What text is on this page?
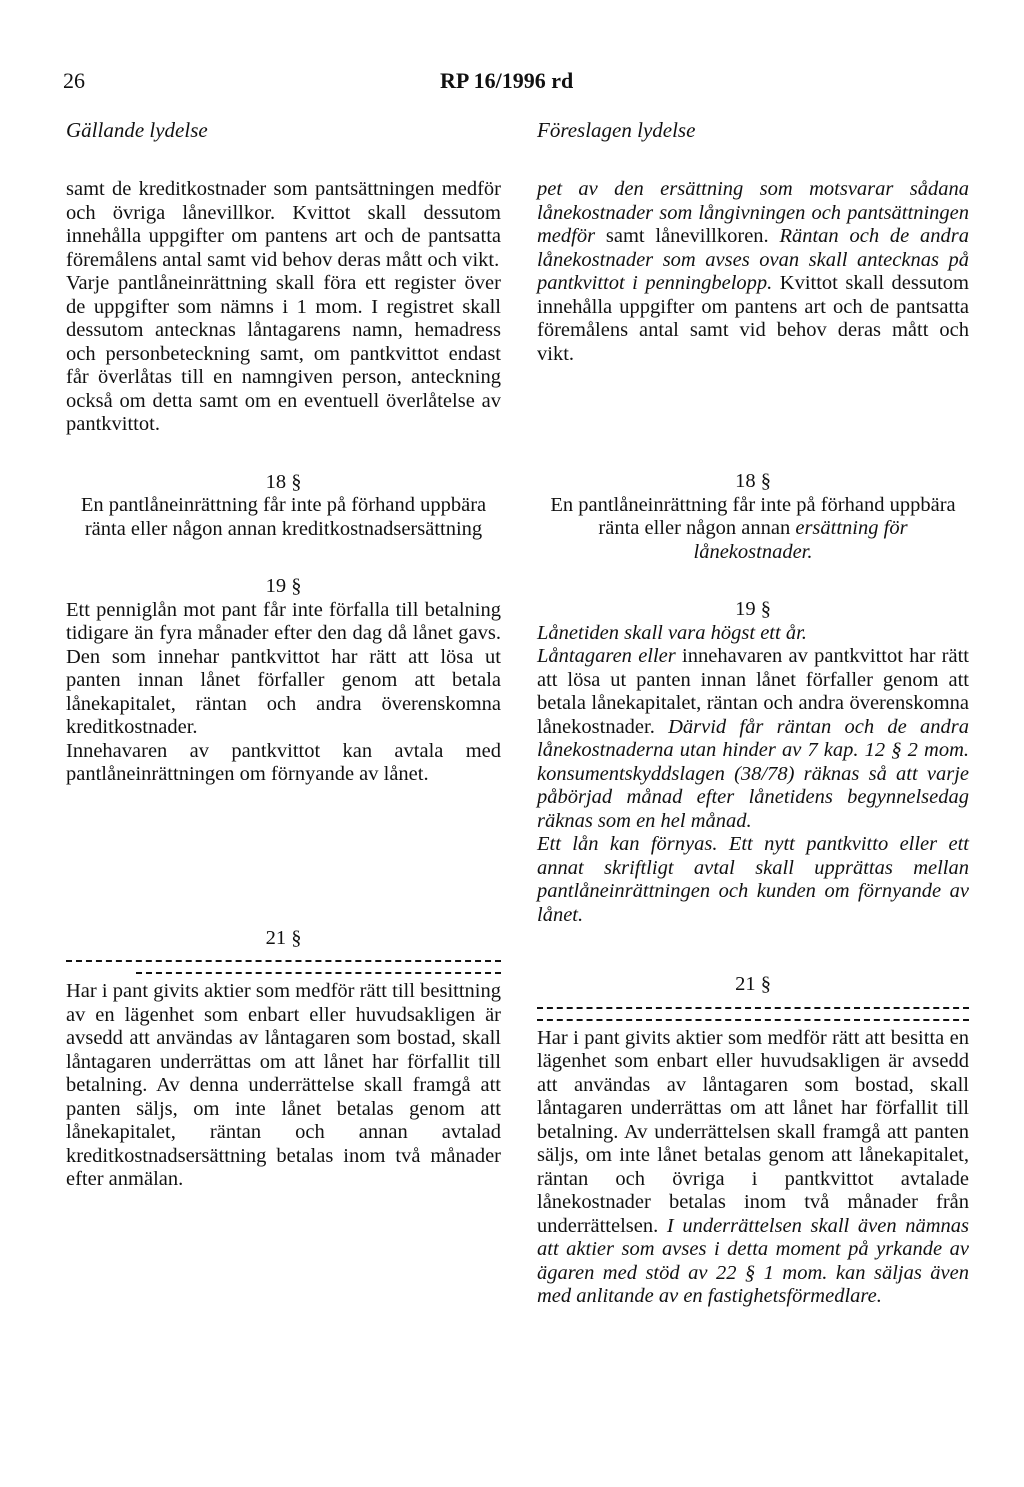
26	RP 16/1996 rd
Gällande lydelse

samt de kreditkostnader som pantsättningen medför och övriga lånevillkor. Kvittot skall dessutom innehålla uppgifter om pantens art och de pantsatta föremålens antal samt vid behov deras mått och vikt.

Varje pantlåneinrättning skall föra ett register över de uppgifter som nämns i 1 mom. I registret skall dessutom antecknas låntagarens namn, hemadress och personbeteckning samt, om pantkvittot endast får överlåtas till en namngiven person, anteckning också om detta samt om en eventuell överlåtelse av pantkvittot.

18 §

En pantlåneinrättning får inte på förhand uppbära ränta eller någon annan kreditkostnadsersättning

19 §

Ett penniglån mot pant får inte förfalla till betalning tidigare än fyra månader efter den dag då lånet gavs. Den som innehar pantkvittot har rätt att lösa ut panten innan lånet förfaller genom att betala lånekapitalet, räntan och andra överenskomna kreditkostnader.

Innehavaren av pantkvittot kan avtala med pantlåneinrättningen om förnyande av lånet.

21 §

Har i pant givits aktier som medför rätt till besittning av en lägenhet som enbart eller huvudsakligen är avsedd att användas av låntagaren som bostad, skall låntagaren underrättas om att lånet har förfallit till betalning. Av denna underrättelse skall framgå att panten säljs, om inte lånet betalas genom att lånekapitalet, räntan och annan avtalad kreditkostnadsersättning betalas inom två månader efter anmälan.

Föreslagen lydelse

pet av den ersättning som motsvarar sådana lånekostnader som långivningen och pantsättningen medför samt lånevillkoren. Räntan och de andra lånekostnader som avses ovan skall antecknas på pantkvittot i penningbelopp. Kvittot skall dessutom innehålla uppgifter om pantens art och de pantsatta föremålens antal samt vid behov deras mått och vikt.

18 §

En pantlåneinrättning får inte på förhand uppbära ränta eller någon annan ersättning för lånekostnader.

19 §

Lånetiden skall vara högst ett år.

Låntagaren eller innehavaren av pantkvittot har rätt att lösa ut panten innan lånet förfaller genom att betala lånekapitalet, räntan och andra överenskomna lånekostnader. Därvid får räntan och de andra lånekostnaderna utan hinder av 7 kap. 12 § 2 mom. konsumentskyddslagen (38/78) räknas så att varje påbörjad månad efter lånetidens begynnelsedag räknas som en hel månad.

Ett lån kan förnyas. Ett nytt pantkvitto eller ett annat skriftligt avtal skall upprättas mellan pantlåneinrättningen och kunden om förnyande av lånet.

21 §

Har i pant givits aktier som medför rätt att besitta en lägenhet som enbart eller huvudsakligen är avsedd att användas av låntagaren som bostad, skall låntagaren underrättas om att lånet har förfallit till betalning. Av underrättelsen skall framgå att panten säljs, om inte lånet betalas genom att lånekapitalet, räntan och övriga i pantkvittot avtalade lånekostnader betalas inom två månader från underrättelsen. I underrättelsen skall även nämnas att aktier som avses i detta moment på yrkande av ägaren med stöd av 22 § 1 mom. kan säljas även med anlitande av en fastighetsförmedlare.
